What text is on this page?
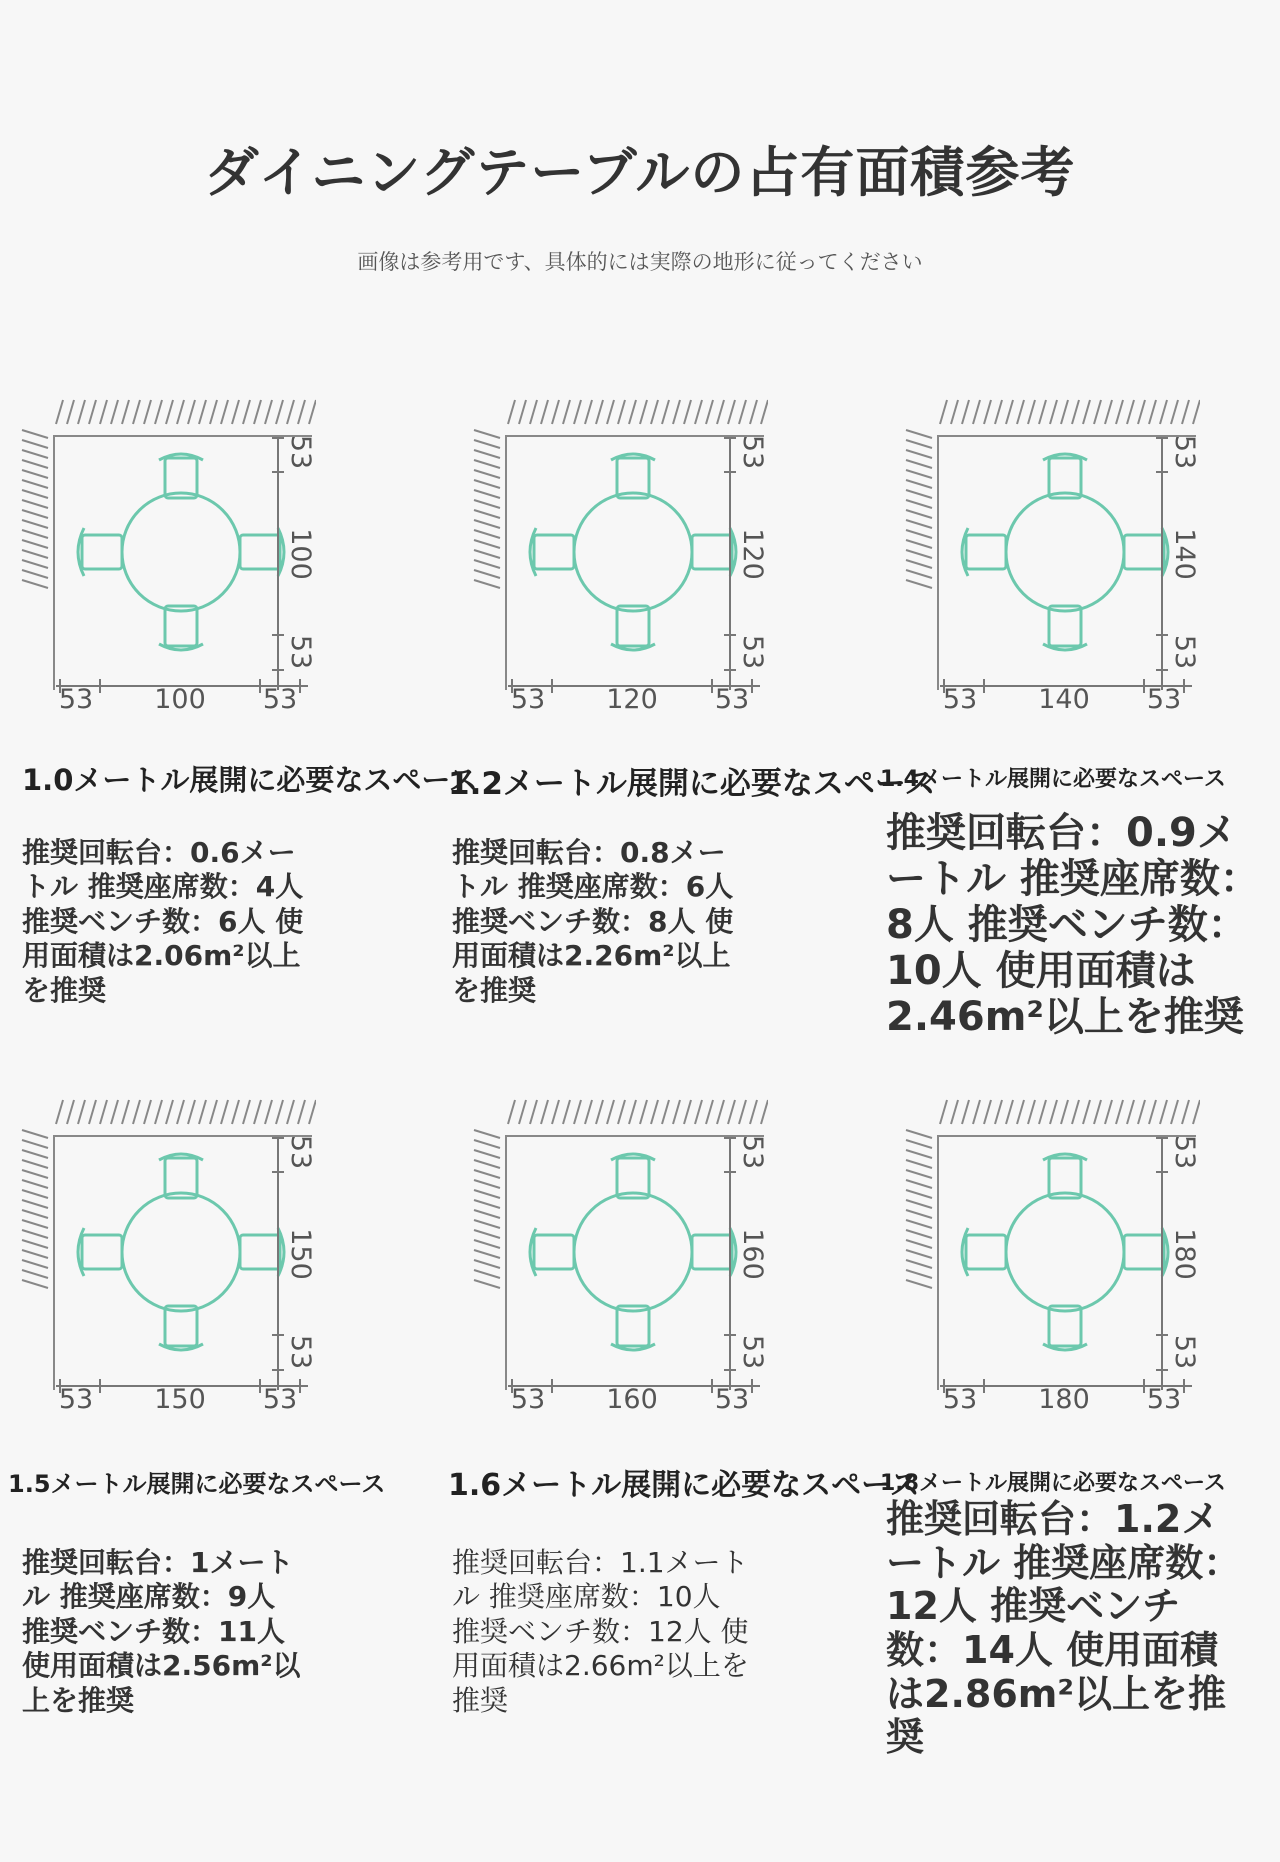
ダイニングテーブルの占有面積参考
画像は参考用です、具体的には実際の地形に従ってください
53
100
53
53 100 53
1.0メートル展開に必要なスペース
推奨回転台：0.6メートル 推奨座席数：4人 推奨ベンチ数：6人 使用面積は2.06m²以上を推奨
53
120
53
53 120 53
1.2メートル展開に必要なスペース
推奨回転台：0.8メートル 推奨座席数：6人 推奨ベンチ数：8人 使用面積は2.26m²以上を推奨
53
140
53
53 140 53
1.4メートル展開に必要なスペース
推奨回転台：0.9メートル 推奨座席数：8人 推奨ベンチ数：10人 使用面積は2.46m²以上を推奨
53
150
53
53 150 53
1.5メートル展開に必要なスペース
推奨回転台：1メートル 推奨座席数：9人 推奨ベンチ数：11人 使用面積は2.56m²以上を推奨
53
160
53
53 160 53
1.6メートル展開に必要なスペース
推奨回転台：1.1メートル 推奨座席数：10人 推奨ベンチ数：12人 使用面積は2.66m²以上を推奨
53
180
53
53 180 53
1.8メートル展開に必要なスペース
推奨回転台：1.2メートル 推奨座席数：12人 推奨ベンチ数：14人 使用面積は2.86m²以上を推奨
